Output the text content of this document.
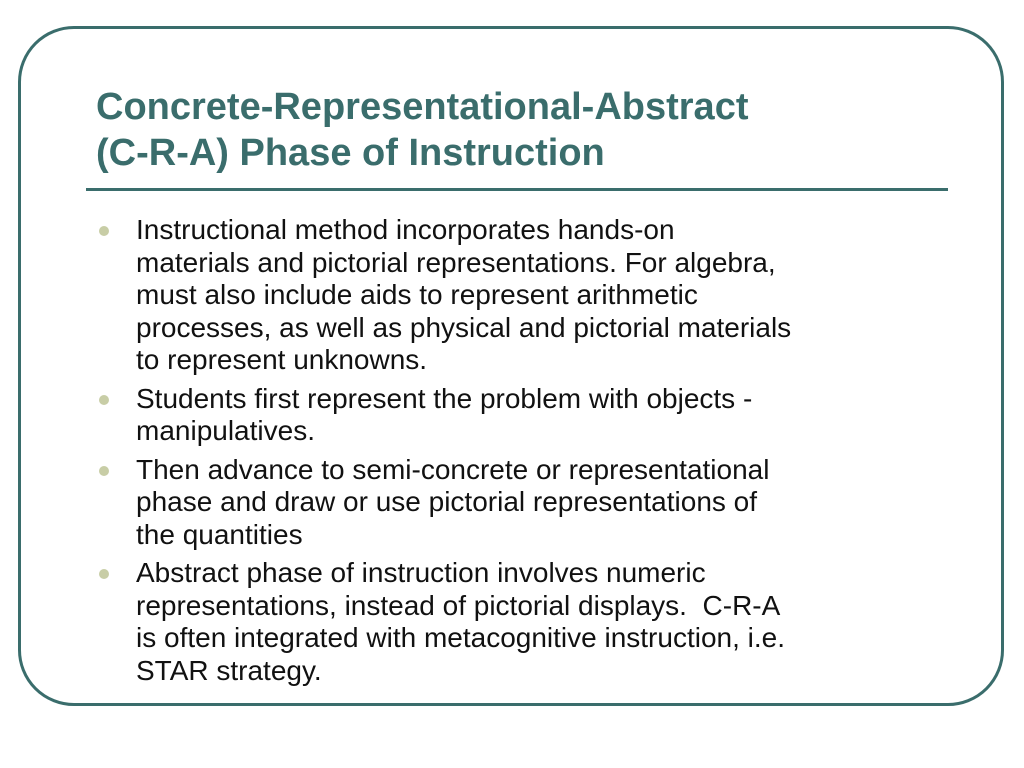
Concrete-Representational-Abstract
(C-R-A) Phase of Instruction
Instructional method incorporates hands-on
materials and pictorial representations. For algebra,
must also include aids to represent arithmetic
processes, as well as physical and pictorial materials
to represent unknowns.
Students first represent the problem with objects -
manipulatives.
Then advance to semi-concrete or representational
phase and draw or use pictorial representations of
the quantities
Abstract phase of instruction involves numeric
representations, instead of pictorial displays.  C-R-A
is often integrated with metacognitive instruction, i.e.
STAR strategy.
